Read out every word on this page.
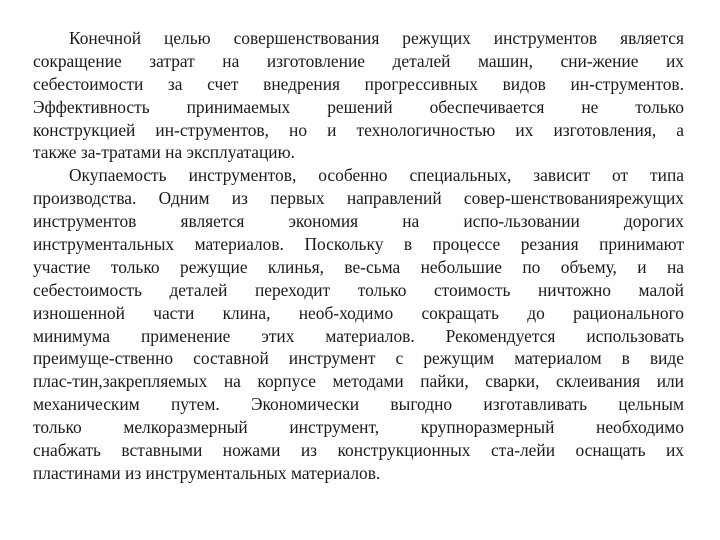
Конечной целью совершенствования режущих инструментов является
сокращение затрат на изготовление деталей машин, сни-жение их
себестоимости за счет внедрения прогрессивных видов ин-струментов.
Эффективность принимаемых решений обеспечивается не только
конструкцией ин-струментов, но и технологичностью их изготовления, а
также за-тратами на эксплуатацию.
Окупаемость инструментов, особенно специальных, зависит от типа
производства. Одним из первых направлений совер-шенствованиярежущих
инструментов является экономия на испо-льзовании дорогих
инструментальных материалов. Поскольку в процессе резания принимают
участие только режущие клинья, ве-сьма небольшие по объему, и на
себестоимость деталей переходит только стоимость ничтожно малой
изношенной части клина, необ-ходимо сокращать до рационального
минимума применение этих материалов. Рекомендуется использовать
преимуще-ственно составной инструмент с режущим материалом в виде
плас-тин,закрепляемых на корпусе методами пайки, сварки, склеивания или
механическим путем. Экономически выгодно изготавливать цельным
только мелкоразмерный инструмент, крупноразмерный необходимо
снабжать вставными ножами из конструкционных ста-лейи оснащать их
пластинами из инструментальных материалов.
